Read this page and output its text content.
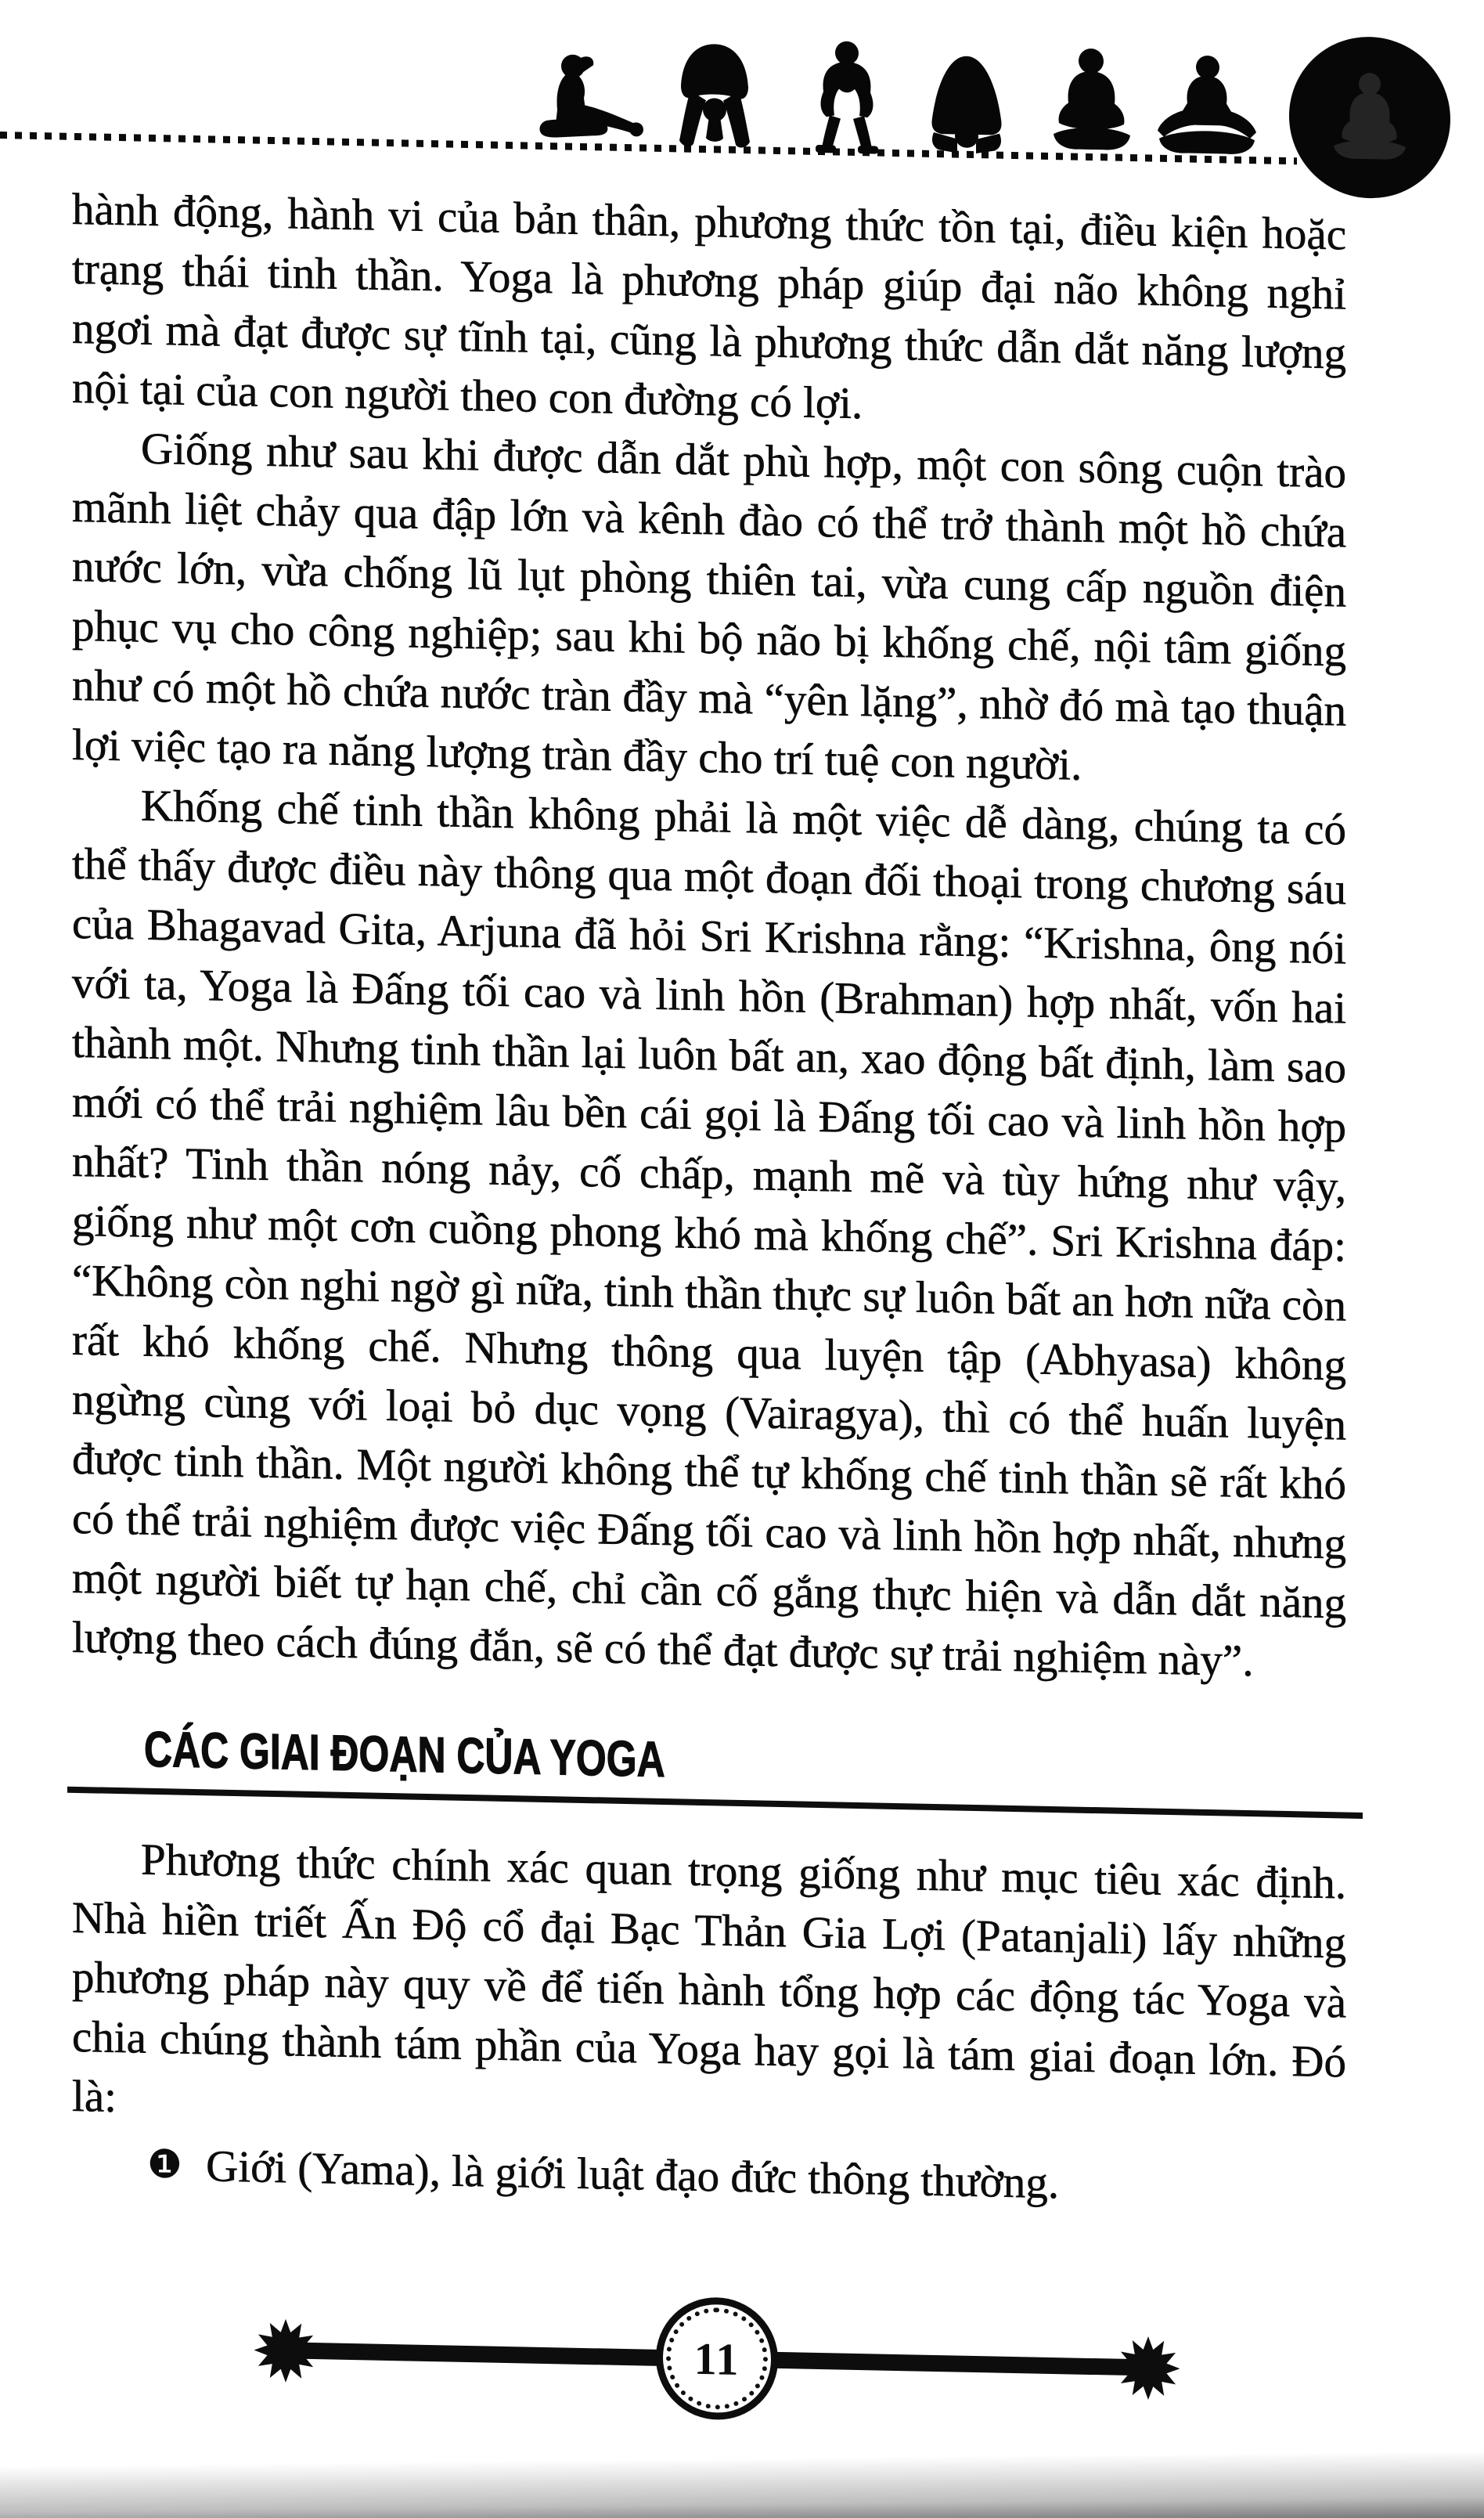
hành động, hành vi của bản thân, phương thức tồn tại, điều kiện hoặc trạng thái tinh thần. Yoga là phương pháp giúp đại não không nghỉ ngơi mà đạt được sự tĩnh tại, cũng là phương thức dẫn dắt năng lượng nội tại của con người theo con đường có lợi.

Giống như sau khi được dẫn dắt phù hợp, một con sông cuộn trào mãnh liệt chảy qua đập lớn và kênh đào có thể trở thành một hồ chứa nước lớn, vừa chống lũ lụt phòng thiên tai, vừa cung cấp nguồn điện phục vụ cho công nghiệp; sau khi bộ não bị khống chế, nội tâm giống như có một hồ chứa nước tràn đầy mà “yên lặng”, nhờ đó mà tạo thuận lợi việc tạo ra năng lượng tràn đầy cho trí tuệ con người.

Khống chế tinh thần không phải là một việc dễ dàng, chúng ta có thể thấy được điều này thông qua một đoạn đối thoại trong chương sáu của Bhagavad Gita, Arjuna đã hỏi Sri Krishna rằng: “Krishna, ông nói với ta, Yoga là Đấng tối cao và linh hồn (Brahman) hợp nhất, vốn hai thành một. Nhưng tinh thần lại luôn bất an, xao động bất định, làm sao mới có thể trải nghiệm lâu bền cái gọi là Đấng tối cao và linh hồn hợp nhất? Tinh thần nóng nảy, cố chấp, mạnh mẽ và tùy hứng như vậy, giống như một cơn cuồng phong khó mà khống chế”. Sri Krishna đáp: “Không còn nghi ngờ gì nữa, tinh thần thực sự luôn bất an hơn nữa còn rất khó khống chế. Nhưng thông qua luyện tập (Abhyasa) không ngừng cùng với loại bỏ dục vọng (Vairagya), thì có thể huấn luyện được tinh thần. Một người không thể tự khống chế tinh thần sẽ rất khó có thể trải nghiệm được việc Đấng tối cao và linh hồn hợp nhất, nhưng một người biết tự hạn chế, chỉ cần cố gắng thực hiện và dẫn dắt năng lượng theo cách đúng đắn, sẽ có thể đạt được sự trải nghiệm này”.

CÁC GIAI ĐOẠN CỦA YOGA

Phương thức chính xác quan trọng giống như mục tiêu xác định. Nhà hiền triết Ấn Độ cổ đại Bạc Thản Gia Lợi (Patanjali) lấy những phương pháp này quy về để tiến hành tổng hợp các động tác Yoga và chia chúng thành tám phần của Yoga hay gọi là tám giai đoạn lớn. Đó là:

❶ Giới (Yama), là giới luật đạo đức thông thường.

11
